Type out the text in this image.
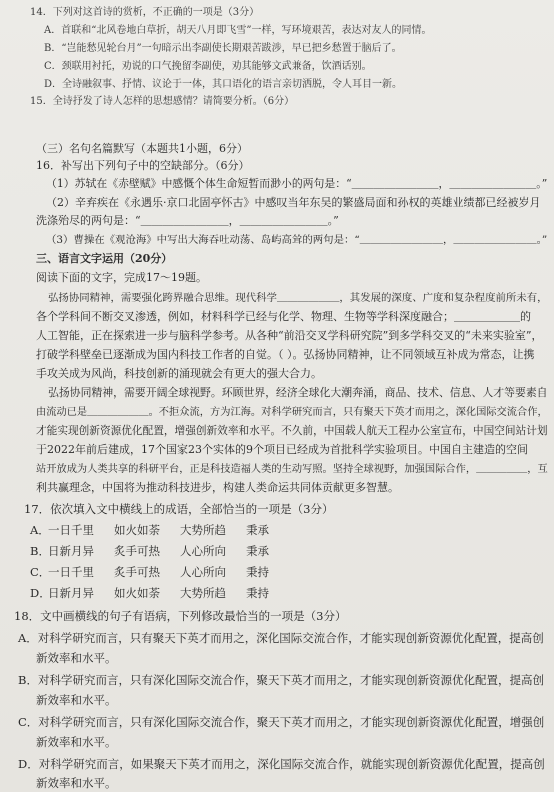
14．下列对这首诗的赏析，不正确的一项是（3分）
A．首联和“北风卷地白草折，胡天八月即飞雪”一样，写环境艰苦，表达对友人的同情。
B．“岂能愁见轮台月”一句暗示出李副使长期艰苦跋涉，早已把乡愁置于脑后了。
C．颈联用衬托，劝说的口气挽留李副使，劝其能够文武兼备，饮酒话别。
D．全诗融叙事、抒情、议论于一体，其口语化的语言亲切洒脱，令人耳目一新。
15．全诗抒发了诗人怎样的思想感情？请简要分析。（6分）
（三）名句名篇默写（本题共1小题，6分）
16．补写出下列句子中的空缺部分。（6分）
（1）苏轼在《赤壁赋》中感慨个体生命短暂而渺小的两句是：“＿＿＿＿＿＿＿＿，＿＿＿＿＿＿＿＿。”
（2）辛弃疾在《永遇乐·京口北固亭怀古》中感叹当年东吴的繁盛局面和孙权的英雄业绩都已经被岁月
洗涤殆尽的两句是：“＿＿＿＿＿＿＿＿，＿＿＿＿＿＿＿＿。”
（3）曹操在《观沧海》中写出大海吞吐动荡、岛屿高耸的两句是：“＿＿＿＿＿＿＿＿，＿＿＿＿＿＿＿＿。”
三、语言文字运用（20分）
阅读下面的文字，完成17～19题。
弘扬协同精神，需要强化跨界融合思维。现代科学＿＿＿＿＿＿，其发展的深度、广度和复杂程度前所未有，
各个学科间不断交叉渗透，例如，材料科学已经与化学、物理、生物等学科深度融合；＿＿＿＿＿＿的
人工智能，正在探索进一步与脑科学参考。从各种“前沿交叉学科研究院”到多学科交叉的“未来实验室”，
打破学科壁垒已逐渐成为国内科技工作者的自觉。（ ）。弘扬协同精神，让不同领域互补成为常态，让携
手攻关成为风尚，科技创新的涌现就会有更大的强大合力。
弘扬协同精神，需要开阔全球视野。环顾世界，经济全球化大潮奔涌，商品、技术、信息、人才等要素自
由流动已是＿＿＿＿＿＿。不拒众流，方为江海。对科学研究而言，只有聚天下英才而用之，深化国际交流合作，
才能实现创新资源优化配置，增强创新效率和水平。不久前，中国载人航天工程办公室宣布，中国空间站计划
于2022年前后建成，17个国家23个实体的9个项目已经成为首批科学实验项目。中国自主建造的空间
站开放成为人类共享的科研平台，正是科技造福人类的生动写照。坚持全球视野，加强国际合作，＿＿＿＿＿，互
利共赢理念，中国将为推动科技进步，构建人类命运共同体贡献更多智慧。
17．依次填入文中横线上的成语，全部恰当的一项是（3分）
A．一日千里 如火如荼 大势所趋 秉承
B．日新月异 炙手可热 人心所向 秉承
C．一日千里 炙手可热 人心所向 秉持
D．日新月异 如火如荼 大势所趋 秉持
18．文中画横线的句子有语病，下列修改最恰当的一项是（3分）
A．对科学研究而言，只有聚天下英才而用之，深化国际交流合作，才能实现创新资源优化配置，提高创
新效率和水平。
B．对科学研究而言，只有深化国际交流合作，聚天下英才而用之，才能实现创新资源优化配置，提高创
新效率和水平。
C．对科学研究而言，只有深化国际交流合作，聚天下英才而用之，才能实现创新资源优化配置，增强创
新效率和水平。
D．对科学研究而言，如果聚天下英才而用之，深化国际交流合作，就能实现创新资源优化配置，提高创
新效率和水平。
